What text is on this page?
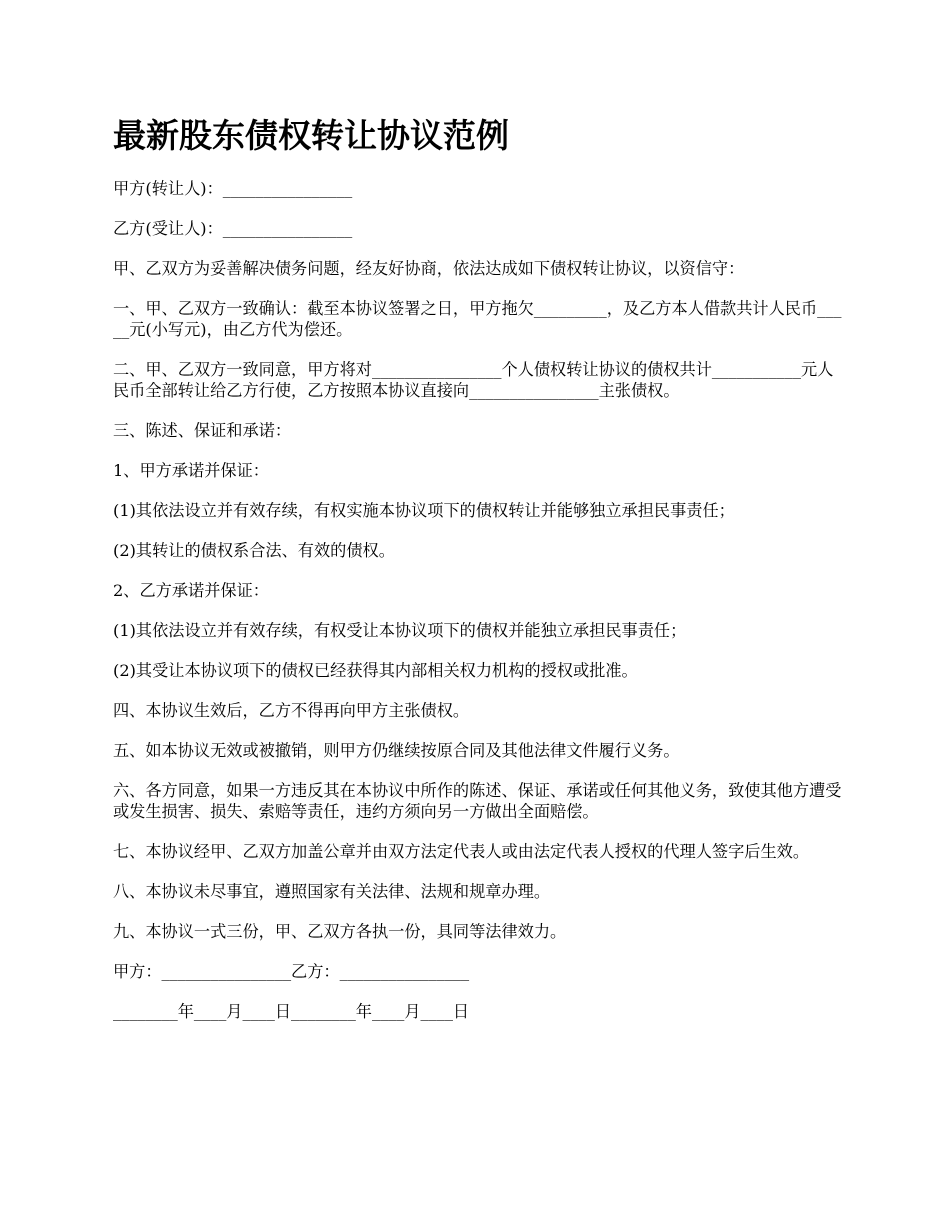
最新股东债权转让协议范例

甲方(转让人)：________________

乙方(受让人)：________________

甲、乙双方为妥善解决债务问题，经友好协商，依法达成如下债权转让协议，以资信守：

一、甲、乙双方一致确认：截至本协议签署之日，甲方拖欠_________，及乙方本人借款共计人民币_____元(小写元)，由乙方代为偿还。

二、甲、乙双方一致同意，甲方将对________________个人债权转让协议的债权共计___________元人民币全部转让给乙方行使，乙方按照本协议直接向________________主张债权。

三、陈述、保证和承诺：

1、甲方承诺并保证：

(1)其依法设立并有效存续，有权实施本协议项下的债权转让并能够独立承担民事责任；

(2)其转让的债权系合法、有效的债权。

2、乙方承诺并保证：

(1)其依法设立并有效存续，有权受让本协议项下的债权并能独立承担民事责任；

(2)其受让本协议项下的债权已经获得其内部相关权力机构的授权或批准。

四、本协议生效后，乙方不得再向甲方主张债权。

五、如本协议无效或被撤销，则甲方仍继续按原合同及其他法律文件履行义务。

六、各方同意，如果一方违反其在本协议中所作的陈述、保证、承诺或任何其他义务，致使其他方遭受或发生损害、损失、索赔等责任，违约方须向另一方做出全面赔偿。

七、本协议经甲、乙双方加盖公章并由双方法定代表人或由法定代表人授权的代理人签字后生效。

八、本协议未尽事宜，遵照国家有关法律、法规和规章办理。

九、本协议一式三份，甲、乙双方各执一份，具同等法律效力。

甲方：________________乙方：________________

________年____月____日________年____月____日
